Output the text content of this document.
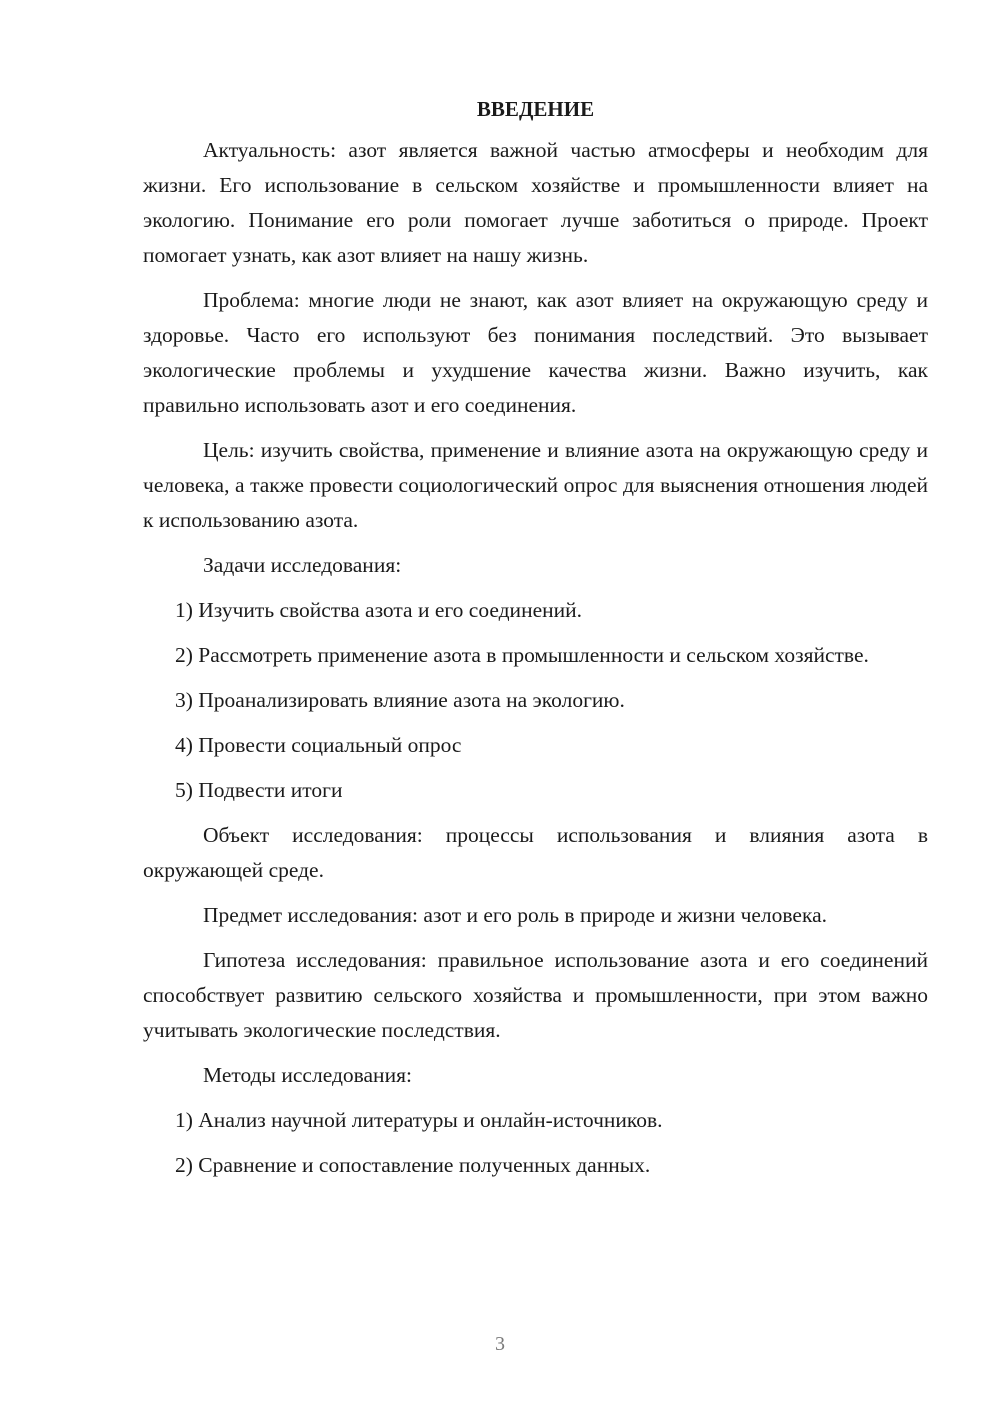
ВВЕДЕНИЕ

Актуальность: азот является важной частью атмосферы и необходим для жизни. Его использование в сельском хозяйстве и промышленности влияет на экологию. Понимание его роли помогает лучше заботиться о природе. Проект помогает узнать, как азот влияет на нашу жизнь.

Проблема: многие люди не знают, как азот влияет на окружающую среду и здоровье. Часто его используют без понимания последствий. Это вызывает экологические проблемы и ухудшение качества жизни. Важно изучить, как правильно использовать азот и его соединения.

Цель: изучить свойства, применение и влияние азота на окружающую среду и человека, а также провести социологический опрос для выяснения отношения людей к использованию азота.

Задачи исследования:

1) Изучить свойства азота и его соединений.

2) Рассмотреть применение азота в промышленности и сельском хозяйстве.

3) Проанализировать влияние азота на экологию.

4) Провести социальный опрос

5) Подвести итоги

Объект исследования: процессы использования и влияния азота в окружающей среде.

Предмет исследования: азот и его роль в природе и жизни человека.

Гипотеза исследования: правильное использование азота и его соединений способствует развитию сельского хозяйства и промышленности, при этом важно учитывать экологические последствия.

Методы исследования:

1) Анализ научной литературы и онлайн-источников.

2) Сравнение и сопоставление полученных данных.

3
